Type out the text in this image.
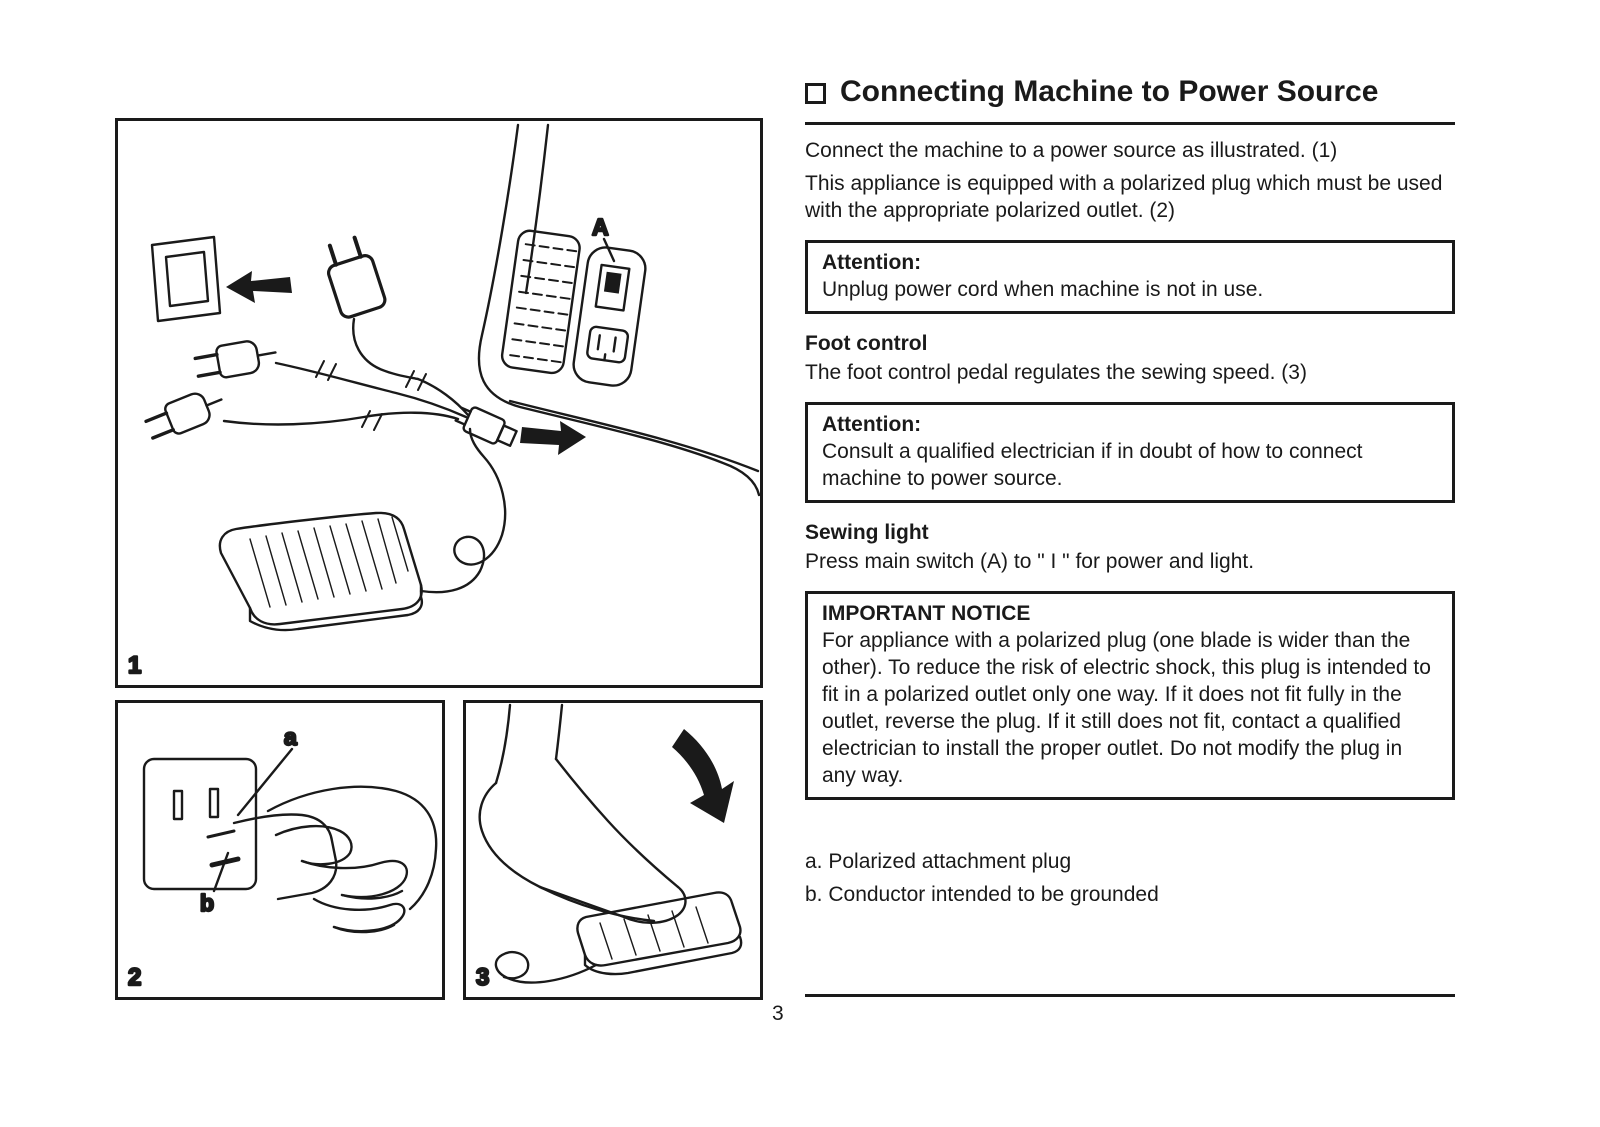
A
1
a
b
2	3
Connecting Machine to Power Source

Connect the machine to a power source as illustrated. (1)

This appliance is equipped with a polarized plug which must be used with the appropriate polarized outlet. (2)

Attention:

Unplug power cord when machine is not in use.

Foot control

The foot control pedal regulates the sewing speed. (3)

Attention:

Consult a qualified electrician if in doubt of how to connect machine to power source.

Sewing light

Press main switch (A) to " I " for power and light.

IMPORTANT NOTICE

For appliance with a polarized plug (one blade is wider than the other). To reduce the risk of electric shock, this plug is intended to fit in a polarized outlet only one way. If it does not fit fully in the outlet, reverse the plug. If it still does not fit, contact a qualified electrician to install the proper outlet. Do not modify the plug in any way.

a. Polarized attachment plug

b. Conductor intended to be grounded

3
